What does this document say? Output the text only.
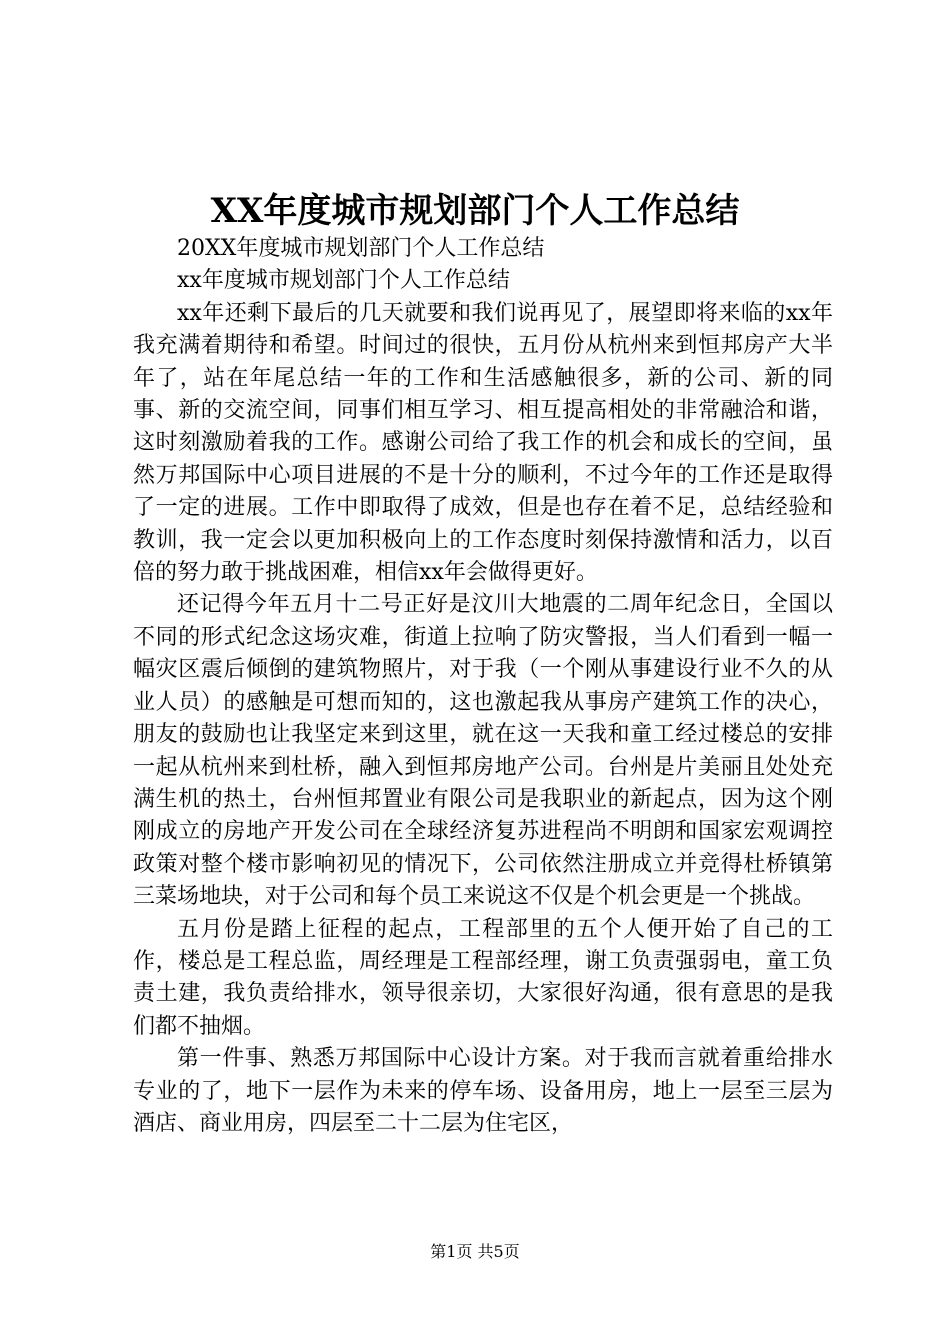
XX年度城市规划部门个人工作总结

20XX年度城市规划部门个人工作总结

xx年度城市规划部门个人工作总结

xx年还剩下最后的几天就要和我们说再见了，展望即将来临的xx年我充满着期待和希望。时间过的很快，五月份从杭州来到恒邦房产大半年了，站在年尾总结一年的工作和生活感触很多，新的公司、新的同事、新的交流空间，同事们相互学习、相互提高相处的非常融洽和谐，这时刻激励着我的工作。感谢公司给了我工作的机会和成长的空间，虽然万邦国际中心项目进展的不是十分的顺利，不过今年的工作还是取得了一定的进展。工作中即取得了成效，但是也存在着不足，总结经验和教训，我一定会以更加积极向上的工作态度时刻保持激情和活力，以百倍的努力敢于挑战困难，相信xx年会做得更好。

还记得今年五月十二号正好是汶川大地震的二周年纪念日，全国以不同的形式纪念这场灾难，街道上拉响了防灾警报，当人们看到一幅一幅灾区震后倾倒的建筑物照片，对于我（一个刚从事建设行业不久的从业人员）的感触是可想而知的，这也激起我从事房产建筑工作的决心，朋友的鼓励也让我坚定来到这里，就在这一天我和童工经过楼总的安排一起从杭州来到杜桥，融入到恒邦房地产公司。台州是片美丽且处处充满生机的热土，台州恒邦置业有限公司是我职业的新起点，因为这个刚刚成立的房地产开发公司在全球经济复苏进程尚不明朗和国家宏观调控政策对整个楼市影响初见的情况下，公司依然注册成立并竞得杜桥镇第三菜场地块，对于公司和每个员工来说这不仅是个机会更是一个挑战。

五月份是踏上征程的起点，工程部里的五个人便开始了自己的工作，楼总是工程总监，周经理是工程部经理，谢工负责强弱电，童工负责土建，我负责给排水，领导很亲切，大家很好沟通，很有意思的是我们都不抽烟。

第一件事、熟悉万邦国际中心设计方案。对于我而言就着重给排水专业的了，地下一层作为未来的停车场、设备用房，地上一层至三层为酒店、商业用房，四层至二十二层为住宅区，

第1页 共5页
